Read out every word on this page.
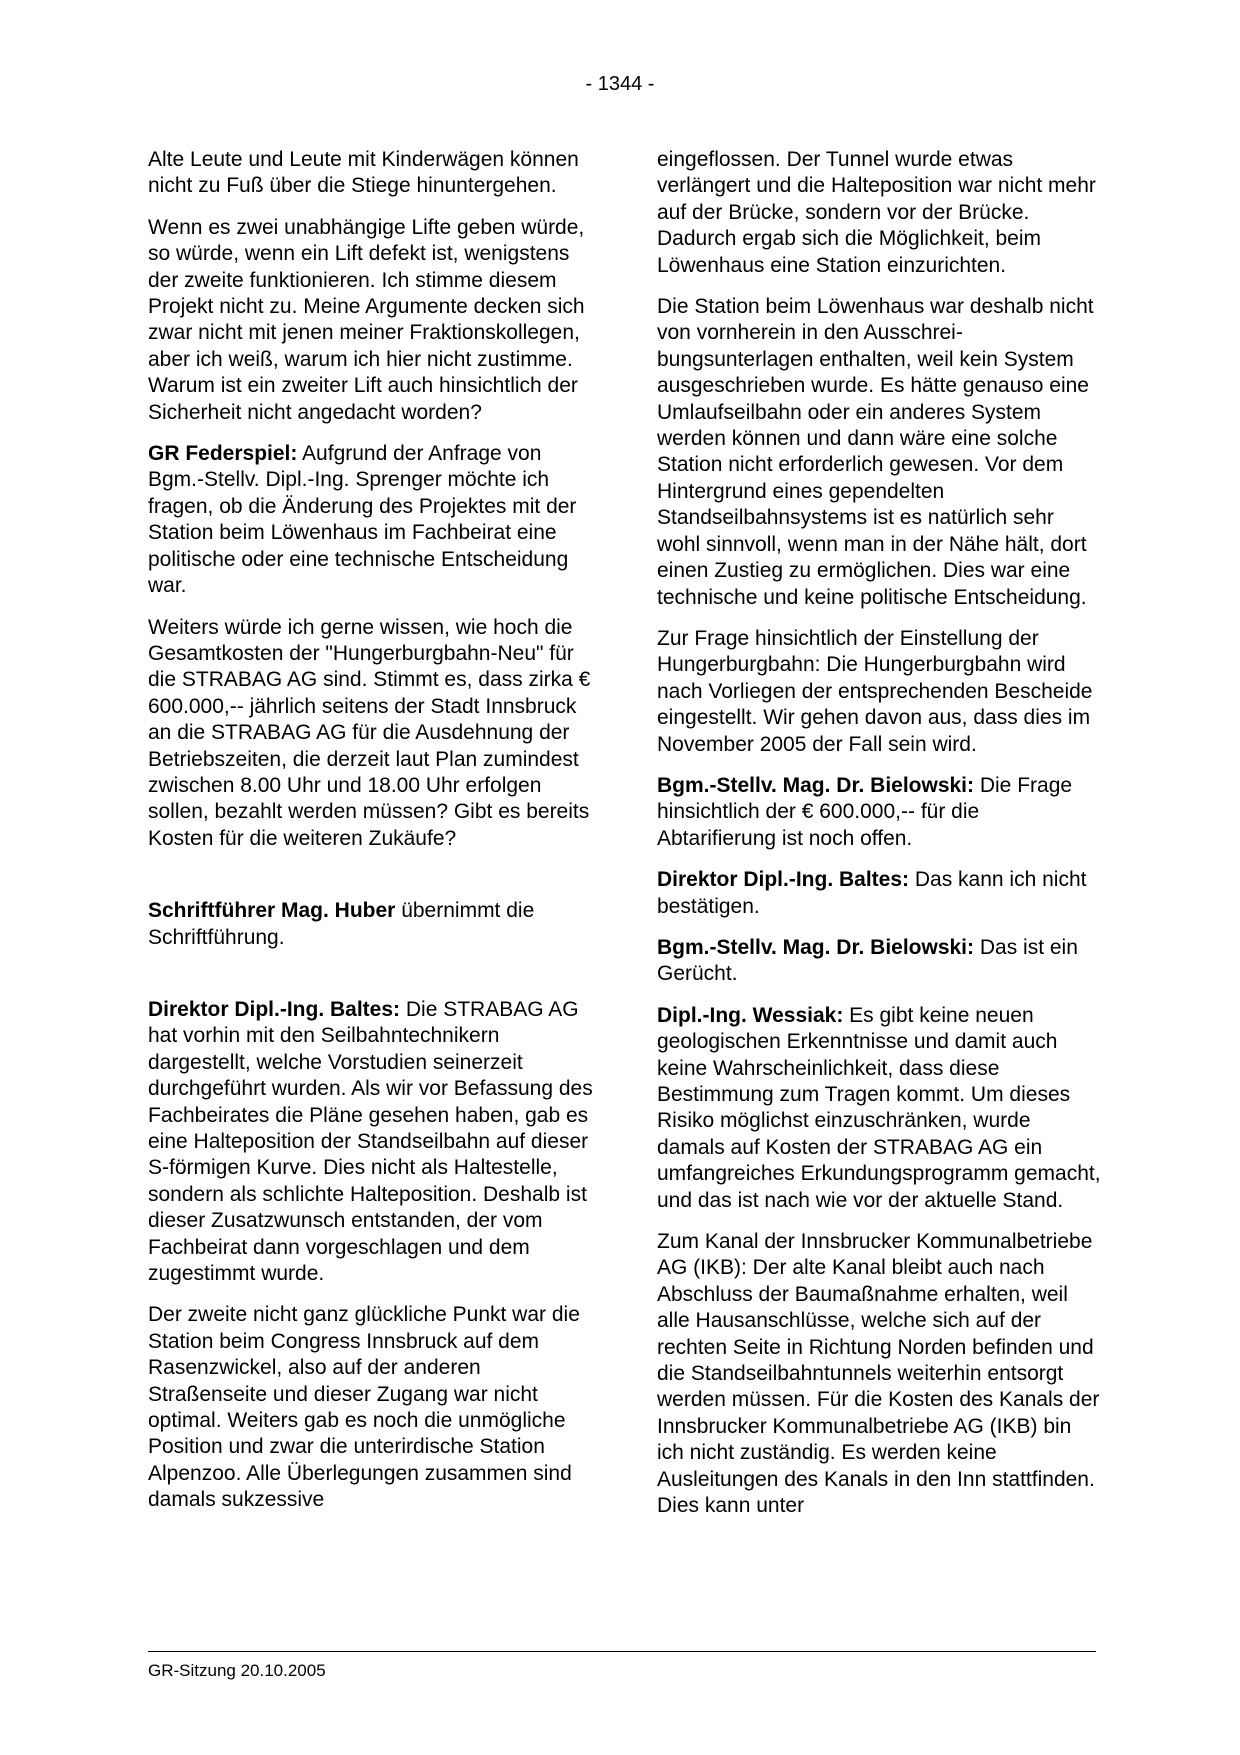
- 1344 -

Alte Leute und Leute mit Kinderwägen können nicht zu Fuß über die Stiege hinuntergehen.

Wenn es zwei unabhängige Lifte geben würde, so würde, wenn ein Lift defekt ist, wenigstens der zweite funktionieren. Ich stimme diesem Projekt nicht zu. Meine Argumente decken sich zwar nicht mit jenen meiner Fraktionskollegen, aber ich weiß, warum ich hier nicht zustimme. Warum ist ein zweiter Lift auch hinsichtlich der Sicherheit nicht angedacht worden?

GR Federspiel: Aufgrund der Anfrage von Bgm.-Stellv. Dipl.-Ing. Sprenger möchte ich fragen, ob die Änderung des Projektes mit der Station beim Löwenhaus im Fachbeirat eine politische oder eine technische Entscheidung war.

Weiters würde ich gerne wissen, wie hoch die Gesamtkosten der "Hungerburgbahn-Neu" für die STRABAG AG sind. Stimmt es, dass zirka € 600.000,-- jährlich seitens der Stadt Innsbruck an die STRABAG AG für die Ausdehnung der Betriebszeiten, die derzeit laut Plan zumindest zwischen 8.00 Uhr und 18.00 Uhr erfolgen sollen, bezahlt werden müssen? Gibt es bereits Kosten für die weiteren Zukäufe?

Schriftführer Mag. Huber übernimmt die Schriftführung.

Direktor Dipl.-Ing. Baltes: Die STRABAG AG hat vorhin mit den Seilbahntechnikern dargestellt, welche Vorstudien seinerzeit durchgeführt wurden. Als wir vor Befassung des Fachbeirates die Pläne gesehen haben, gab es eine Halteposition der Standseilbahn auf dieser S-förmigen Kurve. Dies nicht als Haltestelle, sondern als schlichte Halteposition. Deshalb ist dieser Zusatzwunsch entstanden, der vom Fachbeirat dann vorgeschlagen und dem zugestimmt wurde.

Der zweite nicht ganz glückliche Punkt war die Station beim Congress Innsbruck auf dem Rasenzwickel, also auf der anderen Straßenseite und dieser Zugang war nicht optimal. Weiters gab es noch die unmögliche Position und zwar die unterirdische Station Alpenzoo. Alle Überlegungen zusammen sind damals sukzessive

eingeflossen. Der Tunnel wurde etwas verlängert und die Halteposition war nicht mehr auf der Brücke, sondern vor der Brücke. Dadurch ergab sich die Möglichkeit, beim Löwenhaus eine Station einzurichten.

Die Station beim Löwenhaus war deshalb nicht von vornherein in den Ausschreibungsunterlagen enthalten, weil kein System ausgeschrieben wurde. Es hätte genauso eine Umlaufseilbahn oder ein anderes System werden können und dann wäre eine solche Station nicht erforderlich gewesen. Vor dem Hintergrund eines gependelten Standseilbahnsystems ist es natürlich sehr wohl sinnvoll, wenn man in der Nähe hält, dort einen Zustieg zu ermöglichen. Dies war eine technische und keine politische Entscheidung.

Zur Frage hinsichtlich der Einstellung der Hungerburgbahn: Die Hungerburgbahn wird nach Vorliegen der entsprechenden Bescheide eingestellt. Wir gehen davon aus, dass dies im November 2005 der Fall sein wird.

Bgm.-Stellv. Mag. Dr. Bielowski: Die Frage hinsichtlich der € 600.000,-- für die Abtarifierung ist noch offen.

Direktor Dipl.-Ing. Baltes: Das kann ich nicht bestätigen.

Bgm.-Stellv. Mag. Dr. Bielowski: Das ist ein Gerücht.

Dipl.-Ing. Wessiak: Es gibt keine neuen geologischen Erkenntnisse und damit auch keine Wahrscheinlichkeit, dass diese Bestimmung zum Tragen kommt. Um dieses Risiko möglichst einzuschränken, wurde damals auf Kosten der STRABAG AG ein umfangreiches Erkundungsprogramm gemacht, und das ist nach wie vor der aktuelle Stand.

Zum Kanal der Innsbrucker Kommunalbetriebe AG (IKB): Der alte Kanal bleibt auch nach Abschluss der Baumaßnahme erhalten, weil alle Hausanschlüsse, welche sich auf der rechten Seite in Richtung Norden befinden und die Standseilbahntunnels weiterhin entsorgt werden müssen. Für die Kosten des Kanals der Innsbrucker Kommunalbetriebe AG (IKB) bin ich nicht zuständig. Es werden keine Ausleitungen des Kanals in den Inn stattfinden. Dies kann unter

GR-Sitzung 20.10.2005
